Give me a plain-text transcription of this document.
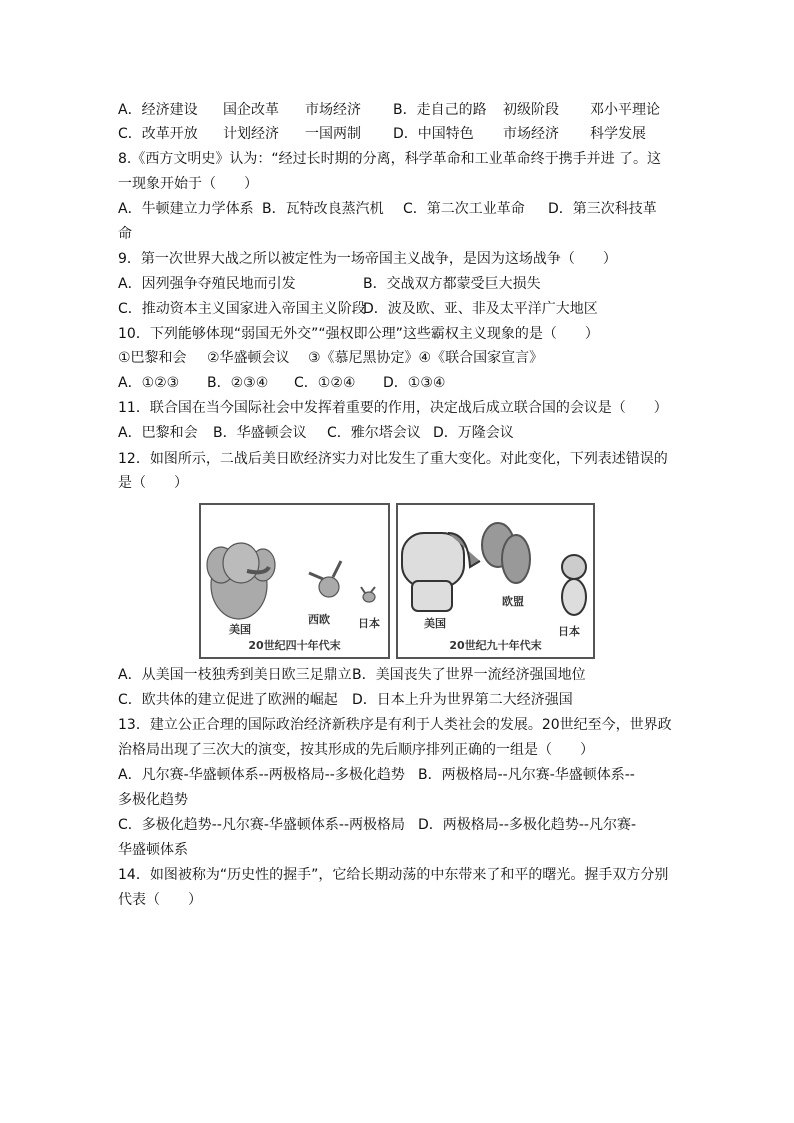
A．经济建设 国企改革 市场经济 B．走自己的路 初级阶段 邓小平理论
C．改革开放 计划经济 一国两制 D．中国特色 市场经济 科学发展
8.《西方文明史》认为：“经过长时期的分离，科学革命和工业革命终于携手并进 了。这
一现象开始于（　　）
A．牛顿建立力学体系 B．瓦特改良蒸汽机 C．第二次工业革命 D．第三次科技革
命
9．第一次世界大战之所以被定性为一场帝国主义战争，是因为这场战争（　　）
A．因列强争夺殖民地而引发	B．交战双方都蒙受巨大损失
C．推动资本主义国家进入帝国主义阶段
D．波及欧、亚、非及太平洋广大地区
10．下列能够体现“弱国无外交”“强权即公理”这些霸权主义现象的是（　　）
①巴黎和会 ②华盛顿会议 ③《慕尼黑协定》④《联合国家宣言》
A．①②③ B．②③④ C．①②④ D．①③④
11．联合国在当今国际社会中发挥着重要的作用，决定战后成立联合国的会议是（　　）
A．巴黎和会 B．华盛顿会议 C．雅尔塔会议 D．万隆会议
12．如图所示，二战后美日欧经济实力对比发生了重大变化。对此变化，下列表述错误的
是（　　）
美国
西欧	日本
20世纪四十年代末
美国
欧盟
日本
20世纪九十年代末
A．从美国一枝独秀到美日欧三足鼎立 B．美国丧失了世界一流经济强国地位
C．欧共体的建立促进了欧洲的崛起 D．日本上升为世界第二大经济强国
13．建立公正合理的国际政治经济新秩序是有利于人类社会的发展。20世纪至今，世界政
治格局出现了三次大的演变，按其形成的先后顺序排列正确的一组是（　　）
A．凡尔赛-华盛顿体系--两极格局--多极化趋势 B．两极格局--凡尔赛-华盛顿体系--
多极化趋势
C．多极化趋势--凡尔赛-华盛顿体系--两极格局 D．两极格局--多极化趋势--凡尔赛-
华盛顿体系
14．如图被称为“历史性的握手”，它给长期动荡的中东带来了和平的曙光。握手双方分别
代表（　　）
